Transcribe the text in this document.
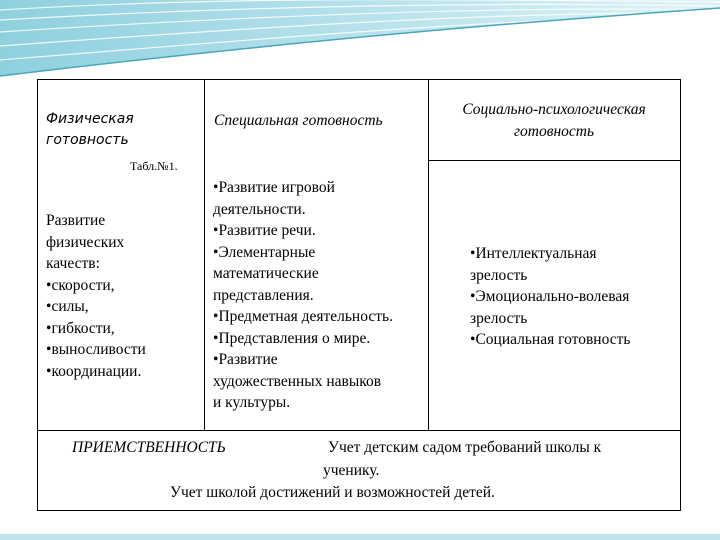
Физическая
готовность
Специальная готовность
Социально-психологическая
готовность
Табл.№1.
Развитие
физических
качеств:
• скорости,
• силы,
• гибкости,
• выносливости
• координации.
• Развитие игровой
деятельности.
• Развитие речи.
• Элементарные
математические
представления.
• Предметная деятельность.
• Представления о мире.
• Развитие
художественных навыков
и культуры.
• Интеллектуальная
зрелость
• Эмоционально-волевая
зрелость
• Социальная готовность
ПРИЕМСТВЕННОСТЬ	Учет детским садом требований школы к
ученику.
Учет школой достижений и возможностей детей.
